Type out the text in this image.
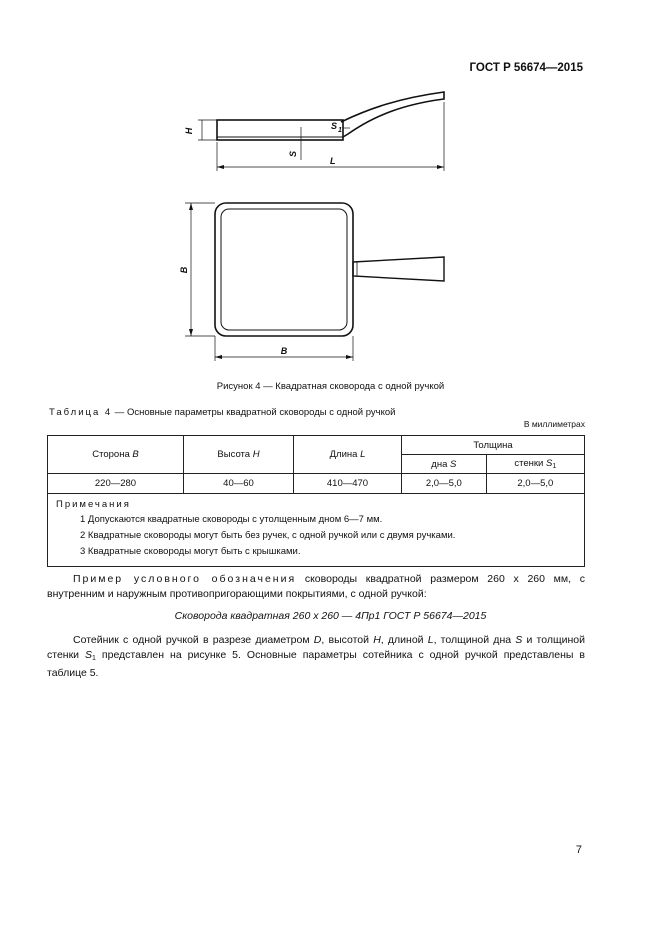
ГОСТ Р 56674—2015
H
S
S 1
L
B
B
Рисунок 4 — Квадратная сковорода с одной ручкой
Таблица 4 — Основные параметры квадратной сковороды с одной ручкой
В миллиметрах
Сторона B	Высота H	Длина L	Толщина	
			дна S	стенки $S_1$
220—280	40—60	410—470	2,0—5,0	2,0—5,0

Примечания
1 Допускаются квадратные сковороды с утолщенным дном 6—7 мм.
2 Квадратные сковороды могут быть без ручек, с одной ручкой или с двумя ручками.
3 Квадратные сковороды могут быть с крышками.				
Пример условного обозначения сковороды квадратной размером 260 х 260 мм, с внутренним и наружным противопригорающими покрытиями, с одной ручкой:
Сковорода квадратная 260 х 260 — 4Пр1 ГОСТ Р 56674—2015
Сотейник с одной ручкой в разрезе диаметром D, высотой H, длиной L, толщиной дна S и толщиной стенки $S_1$ представлен на рисунке 5. Основные параметры сотейника с одной ручкой представлены в таблице 5.
7
